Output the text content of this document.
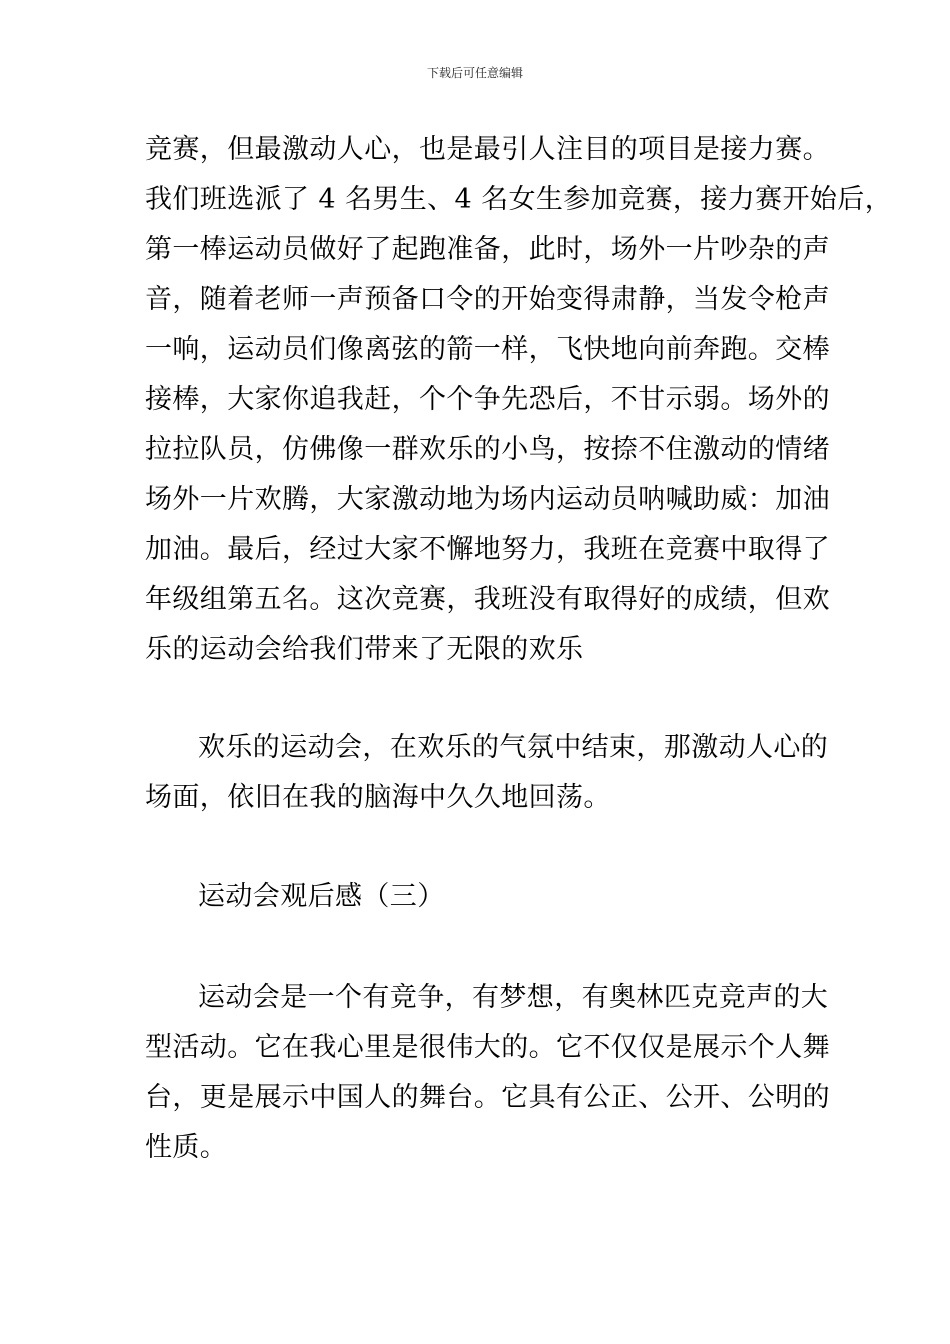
下载后可任意编辑
竞赛，但最激动人心，也是最引人注目的项目是接力赛。
我们班选派了 4 名男生、4 名女生参加竞赛，接力赛开始后，
第一棒运动员做好了起跑准备，此时，场外一片吵杂的声
音，随着老师一声预备口令的开始变得肃静，当发令枪声
一响，运动员们像离弦的箭一样，飞快地向前奔跑。交棒
接棒，大家你追我赶，个个争先恐后，不甘示弱。场外的
拉拉队员，仿佛像一群欢乐的小鸟，按捺不住激动的情绪
场外一片欢腾，大家激动地为场内运动员呐喊助威：加油
加油。最后，经过大家不懈地努力，我班在竞赛中取得了
年级组第五名。这次竞赛，我班没有取得好的成绩，但欢
乐的运动会给我们带来了无限的欢乐
欢乐的运动会，在欢乐的气氛中结束，那激动人心的
场面，依旧在我的脑海中久久地回荡。
运动会观后感（三）
运动会是一个有竞争，有梦想，有奥林匹克竞声的大
型活动。它在我心里是很伟大的。它不仅仅是展示个人舞
台，更是展示中国人的舞台。它具有公正、公开、公明的
性质。
